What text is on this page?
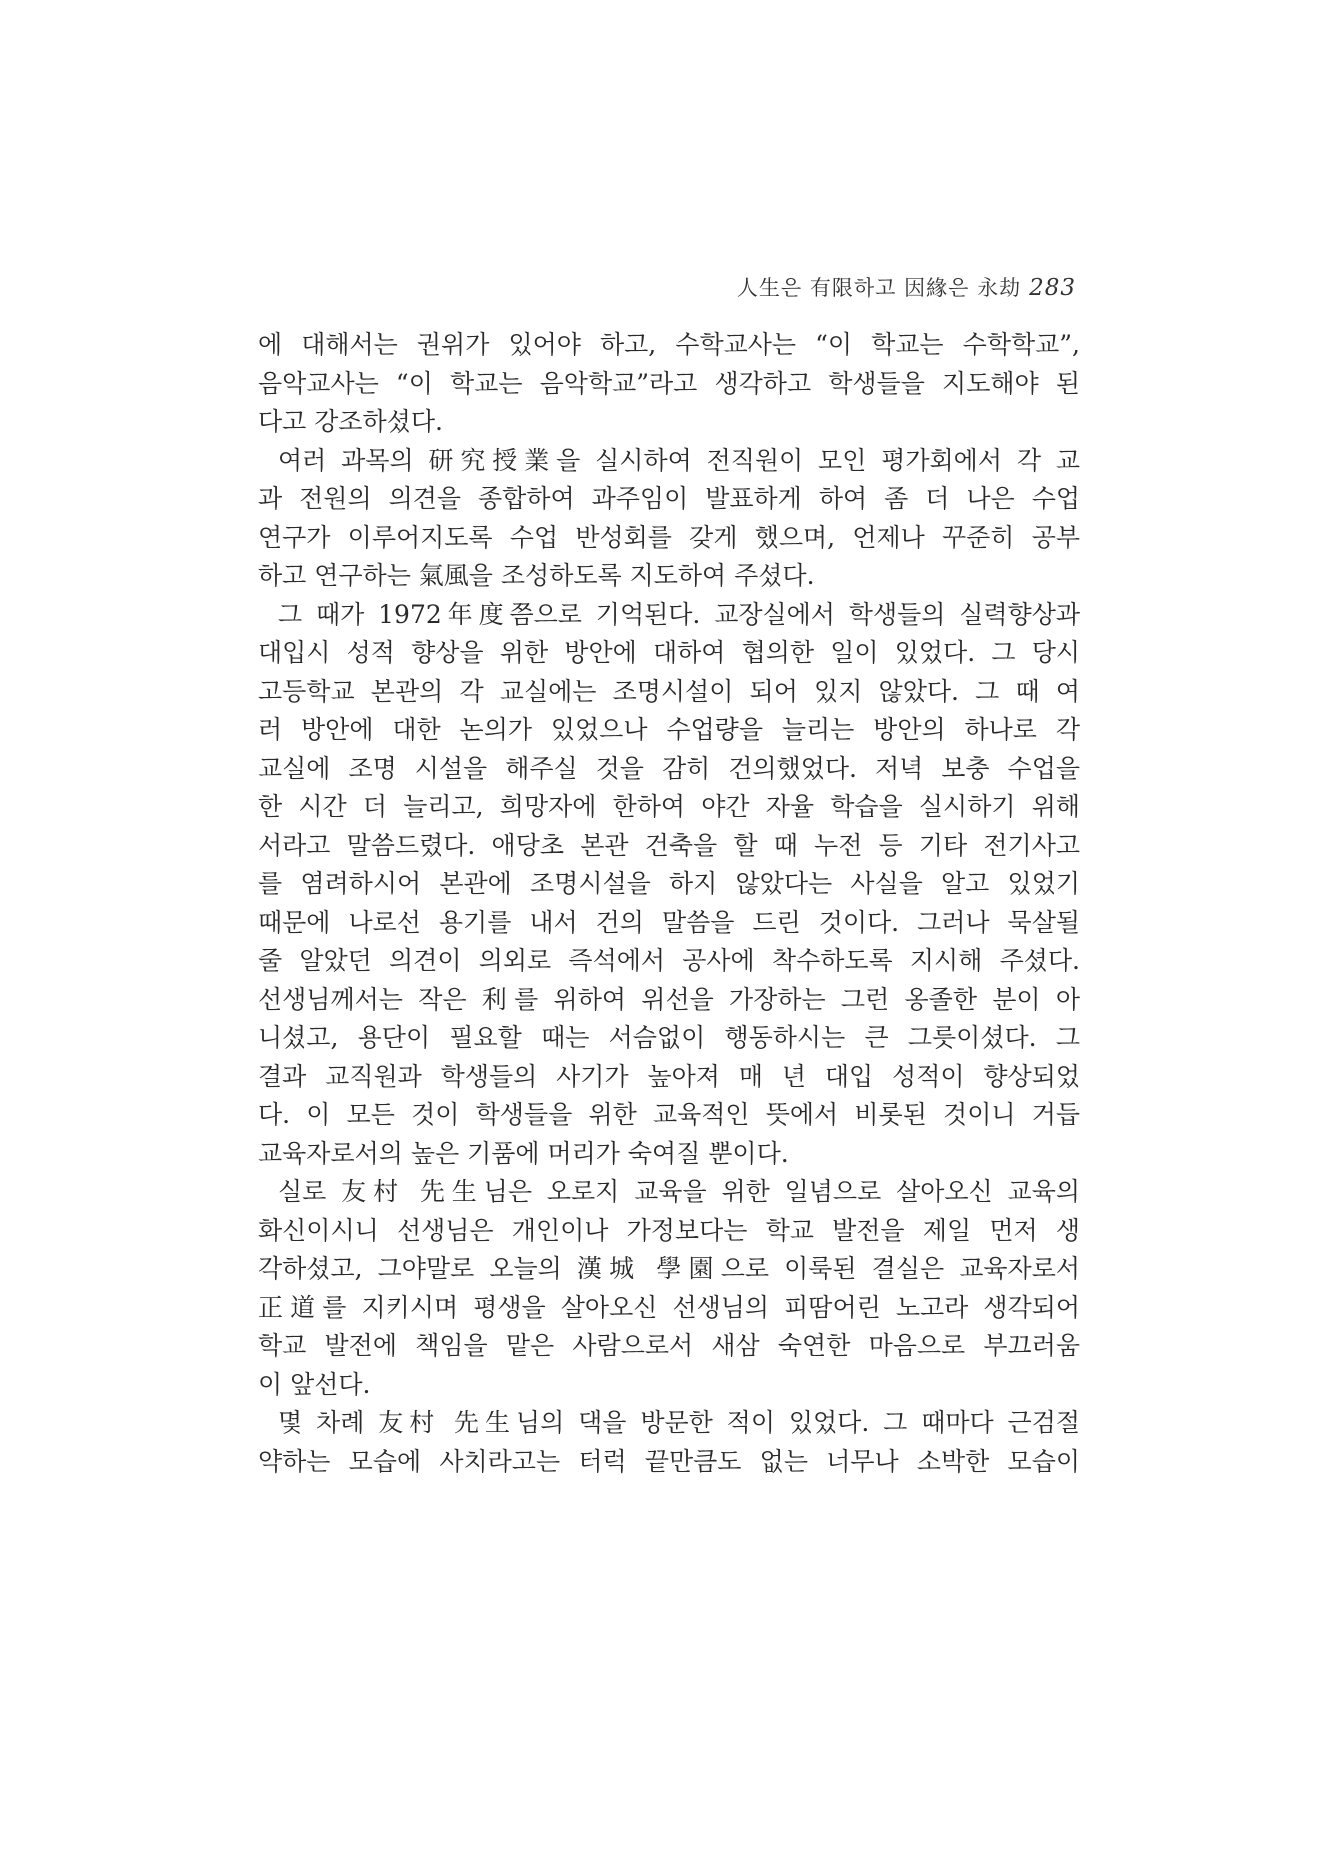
人生은 有限하고 因緣은 永劫 283
에 대해서는 권위가 있어야 하고, 수학교사는 “이 학교는 수학학교”,
음악교사는 “이 학교는 음악학교”라고 생각하고 학생들을 지도해야 된
다고 강조하셨다.
여러 과목의 研究授業을 실시하여 전직원이 모인 평가회에서 각 교
과 전원의 의견을 종합하여 과주임이 발표하게 하여 좀 더 나은 수업
연구가 이루어지도록 수업 반성회를 갖게 했으며, 언제나 꾸준히 공부
하고 연구하는 氣風을 조성하도록 지도하여 주셨다.
그 때가 1972年度쯤으로 기억된다. 교장실에서 학생들의 실력향상과
대입시 성적 향상을 위한 방안에 대하여 협의한 일이 있었다. 그 당시
고등학교 본관의 각 교실에는 조명시설이 되어 있지 않았다. 그 때 여
러 방안에 대한 논의가 있었으나 수업량을 늘리는 방안의 하나로 각
교실에 조명 시설을 해주실 것을 감히 건의했었다. 저녁 보충 수업을
한 시간 더 늘리고, 희망자에 한하여 야간 자율 학습을 실시하기 위해
서라고 말씀드렸다. 애당초 본관 건축을 할 때 누전 등 기타 전기사고
를 염려하시어 본관에 조명시설을 하지 않았다는 사실을 알고 있었기
때문에 나로선 용기를 내서 건의 말씀을 드린 것이다. 그러나 묵살될
줄 알았던 의견이 의외로 즉석에서 공사에 착수하도록 지시해 주셨다.
선생님께서는 작은 利를 위하여 위선을 가장하는 그런 옹졸한 분이 아
니셨고, 용단이 필요할 때는 서슴없이 행동하시는 큰 그릇이셨다. 그
결과 교직원과 학생들의 사기가 높아져 매 년 대입 성적이 향상되었
다. 이 모든 것이 학생들을 위한 교육적인 뜻에서 비롯된 것이니 거듭
교육자로서의 높은 기품에 머리가 숙여질 뿐이다.
실로 友村 先生님은 오로지 교육을 위한 일념으로 살아오신 교육의
화신이시니 선생님은 개인이나 가정보다는 학교 발전을 제일 먼저 생
각하셨고, 그야말로 오늘의 漢城 學園으로 이룩된 결실은 교육자로서
正道를 지키시며 평생을 살아오신 선생님의 피땀어린 노고라 생각되어
학교 발전에 책임을 맡은 사람으로서 새삼 숙연한 마음으로 부끄러움
이 앞선다.
몇 차례 友村 先生님의 댁을 방문한 적이 있었다. 그 때마다 근검절
약하는 모습에 사치라고는 터럭 끝만큼도 없는 너무나 소박한 모습이
